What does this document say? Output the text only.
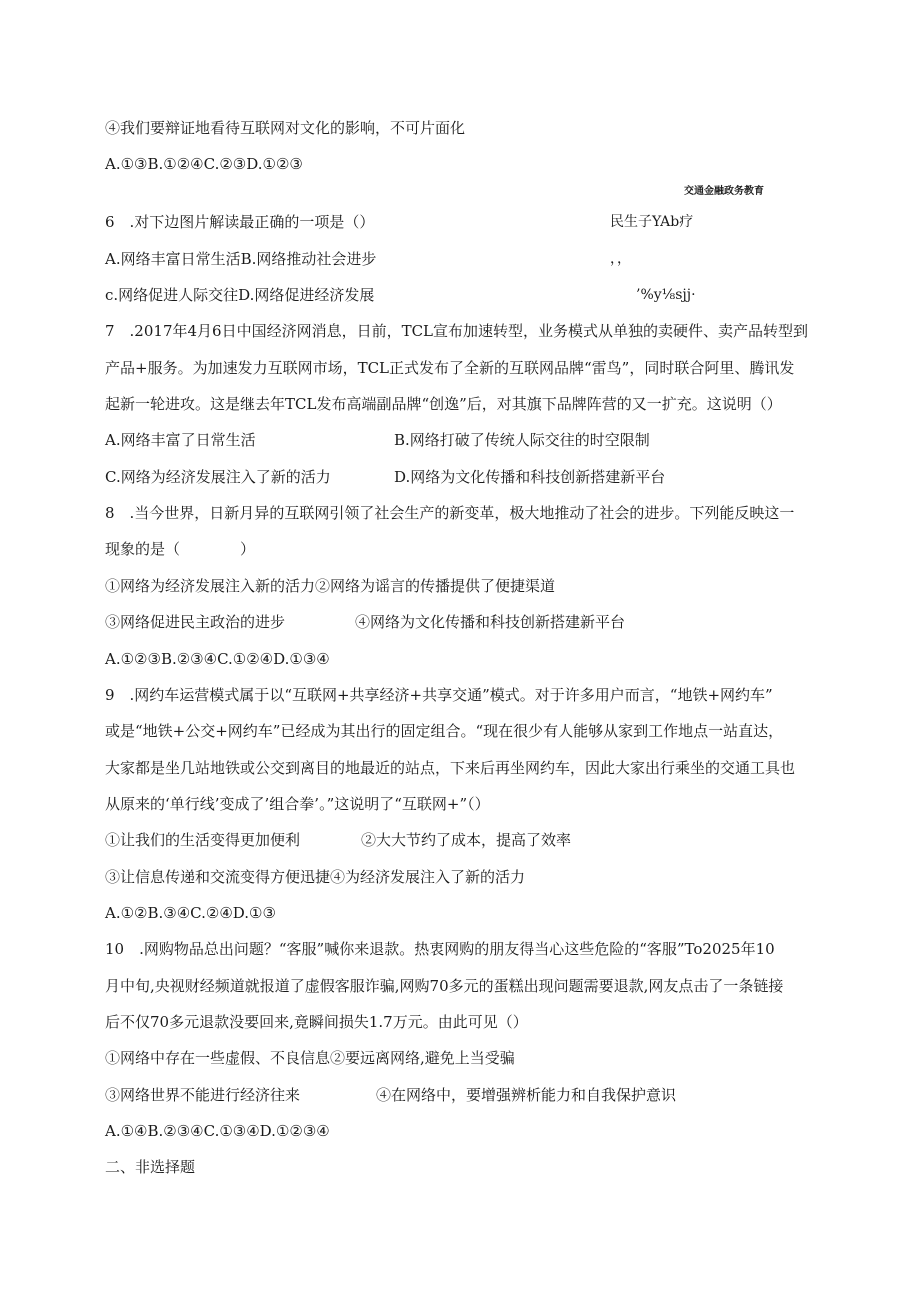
④我们要辩证地看待互联网对文化的影响，不可片面化
A.①③B.①②④C.②③D.①②③
交通金融政务教育
6　.对下边图片解读最正确的一项是（）	民生子YAb疗
A.网络丰富日常生活B.网络推动社会进步	，，
c.网络促进人际交往D.网络促进经济发展	’%y⅛sjj·
7　.2017年4月6日中国经济网消息，日前，TCL宣布加速转型，业务模式从单独的卖硬件、卖产品转型到
产品+服务。为加速发力互联网市场，TCL正式发布了全新的互联网品牌“雷鸟”，同时联合阿里、腾讯发
起新一轮进攻。这是继去年TCL发布高端副品牌“创逸”后，对其旗下品牌阵营的又一扩充。这说明（）
A.网络丰富了日常生活	B.网络打破了传统人际交往的时空限制
C.网络为经济发展注入了新的活力	D.网络为文化传播和科技创新搭建新平台
8　.当今世界，日新月异的互联网引领了社会生产的新变革，极大地推动了社会的进步。下列能反映这一
现象的是（　　　　）
①网络为经济发展注入新的活力②网络为谣言的传播提供了便捷渠道
③网络促进民主政治的进步	④网络为文化传播和科技创新搭建新平台
A.①②③B.②③④C.①②④D.①③④
9　.网约车运营模式属于以“互联网+共享经济+共享交通”模式。对于许多用户而言，“地铁+网约车”
或是“地铁+公交+网约车”已经成为其出行的固定组合。“现在很少有人能够从家到工作地点一站直达，
大家都是坐几站地铁或公交到离目的地最近的站点，下来后再坐网约车，因此大家出行乘坐的交通工具也
从原来的‘单行线’变成了’组合拳’。”这说明了“互联网+”（）
①让我们的生活变得更加便利	②大大节约了成本，提高了效率
③让信息传递和交流变得方便迅捷④为经济发展注入了新的活力
A.①②B.③④C.②④D.①③
10　.网购物品总出问题？“客服”喊你来退款。热衷网购的朋友得当心这些危险的“客服”To2025年10
月中旬,央视财经频道就报道了虚假客服诈骗,网购70多元的蛋糕出现问题需要退款,网友点击了一条链接
后不仅70多元退款没要回来,竟瞬间损失1.7万元。由此可见（）
①网络中存在一些虚假、不良信息②要远离网络,避免上当受骗
③网络世界不能进行经济往来	④在网络中，要增强辨析能力和自我保护意识
A.①④B.②③④C.①③④D.①②③④
二、非选择题
